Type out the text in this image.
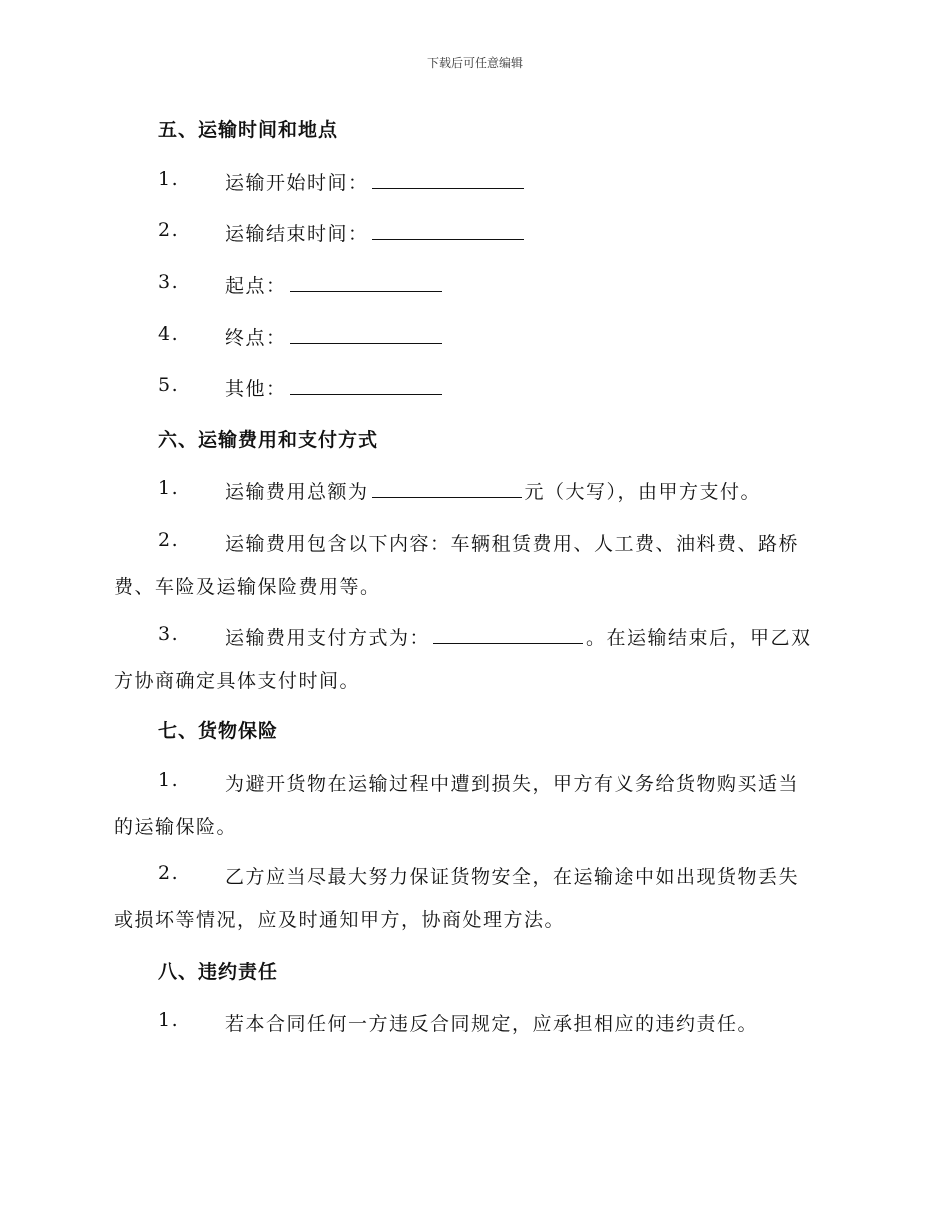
下载后可任意编辑
五、运输时间和地点
1. 运输开始时间：
2. 运输结束时间：
3. 起点：
4. 终点：
5. 其他：
六、运输费用和支付方式
1. 运输费用总额为	元（大写），由甲方支付。
2. 运输费用包含以下内容：车辆租赁费用、人工费、油料费、路桥
费、车险及运输保险费用等。
3. 运输费用支付方式为：	。在运输结束后，甲乙双
方协商确定具体支付时间。
七、货物保险
1. 为避开货物在运输过程中遭到损失，甲方有义务给货物购买适当
的运输保险。
2. 乙方应当尽最大努力保证货物安全，在运输途中如出现货物丢失
或损坏等情况，应及时通知甲方，协商处理方法。
八、违约责任
1. 若本合同任何一方违反合同规定，应承担相应的违约责任。
